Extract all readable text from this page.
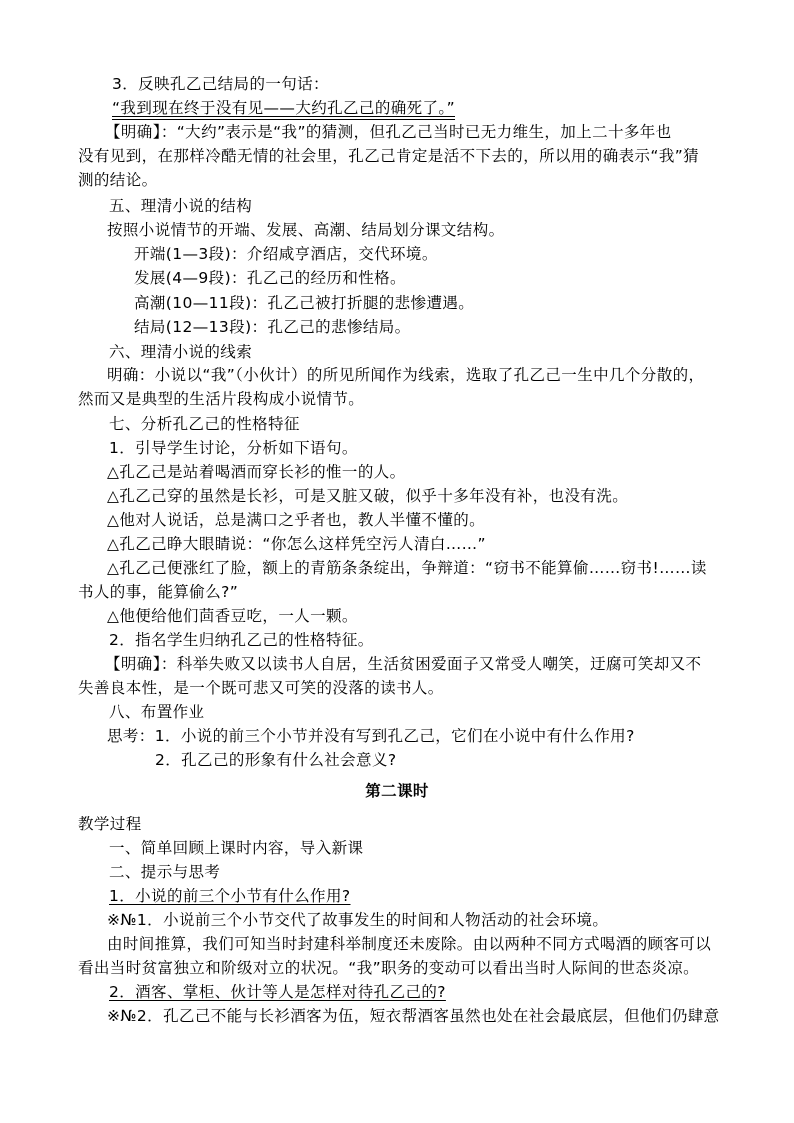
3．反映孔乙己结局的一句话：
“我到现在终于没有见——大约孔乙己的确死了。”
【明确】：“大约”表示是“我”的猜测，但孔乙己当时已无力维生，加上二十多年也
没有见到，在那样冷酷无情的社会里，孔乙己肯定是活不下去的，所以用的确表示“我”猜
测的结论。
五、理清小说的结构
按照小说情节的开端、发展、高潮、结局划分课文结构。
开端(1—3段)：介绍咸亨酒店，交代环境。
发展(4—9段)：孔乙己的经历和性格。
高潮(10—11段)：孔乙己被打折腿的悲惨遭遇。
结局(12—13段)：孔乙己的悲惨结局。
六、理清小说的线索
明确：小说以“我”（小伙计）的所见所闻作为线索，选取了孔乙己一生中几个分散的，
然而又是典型的生活片段构成小说情节。
七、分析孔乙己的性格特征
1．引导学生讨论，分析如下语句。
△孔乙己是站着喝酒而穿长衫的惟一的人。
△孔乙己穿的虽然是长衫，可是又脏又破，似乎十多年没有补，也没有洗。
△他对人说话，总是满口之乎者也，教人半懂不懂的。
△孔乙己睁大眼睛说：“你怎么这样凭空污人清白……”
△孔乙己便涨红了脸，额上的青筋条条绽出，争辩道：“窃书不能算偷……窃书!……读
书人的事，能算偷么?”
△他便给他们茴香豆吃，一人一颗。
2．指名学生归纳孔乙己的性格特征。
【明确】：科举失败又以读书人自居，生活贫困爱面子又常受人嘲笑，迂腐可笑却又不
失善良本性，是一个既可悲又可笑的没落的读书人。
八、布置作业
思考：1．小说的前三个小节并没有写到孔乙己，它们在小说中有什么作用?
2．孔乙己的形象有什么社会意义?
第二课时
教学过程
一、简单回顾上课时内容，导入新课
二、提示与思考
1．小说的前三个小节有什么作用?
※№1．小说前三个小节交代了故事发生的时间和人物活动的社会环境。
由时间推算，我们可知当时封建科举制度还未废除。由以两种不同方式喝酒的顾客可以
看出当时贫富独立和阶级对立的状况。“我”职务的变动可以看出当时人际间的世态炎凉。
2．酒客、掌柜、伙计等人是怎样对待孔乙己的?
※№2．孔乙己不能与长衫酒客为伍，短衣帮酒客虽然也处在社会最底层，但他们仍肆意
